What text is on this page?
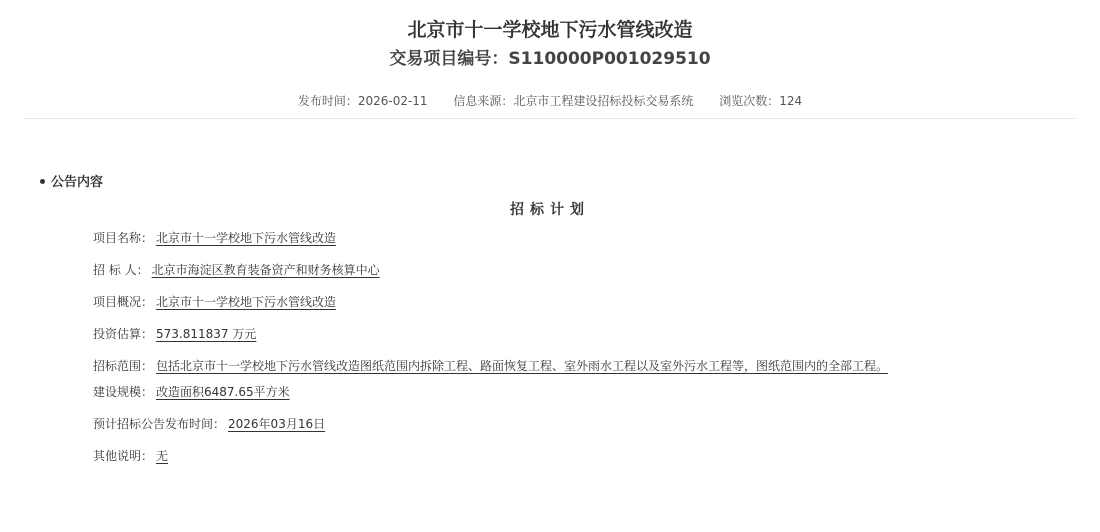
北京市十一学校地下污水管线改造
交易项目编号：S110000P001029510
发布时间：2026-02-11 信息来源：北京市工程建设招标投标交易系统 浏览次数：124
公告内容
招标计划
项目名称： 北京市十一学校地下污水管线改造
招 标 人： 北京市海淀区教育装备资产和财务核算中心
项目概况： 北京市十一学校地下污水管线改造
投资估算： 573.811837 万元
招标范围： 包括北京市十一学校地下污水管线改造图纸范围内拆除工程、路面恢复工程、室外雨水工程以及室外污水工程等，图纸范围内的全部工程。
建设规模： 改造面积6487.65平方米
预计招标公告发布时间： 2026年03月16日
其他说明： 无
